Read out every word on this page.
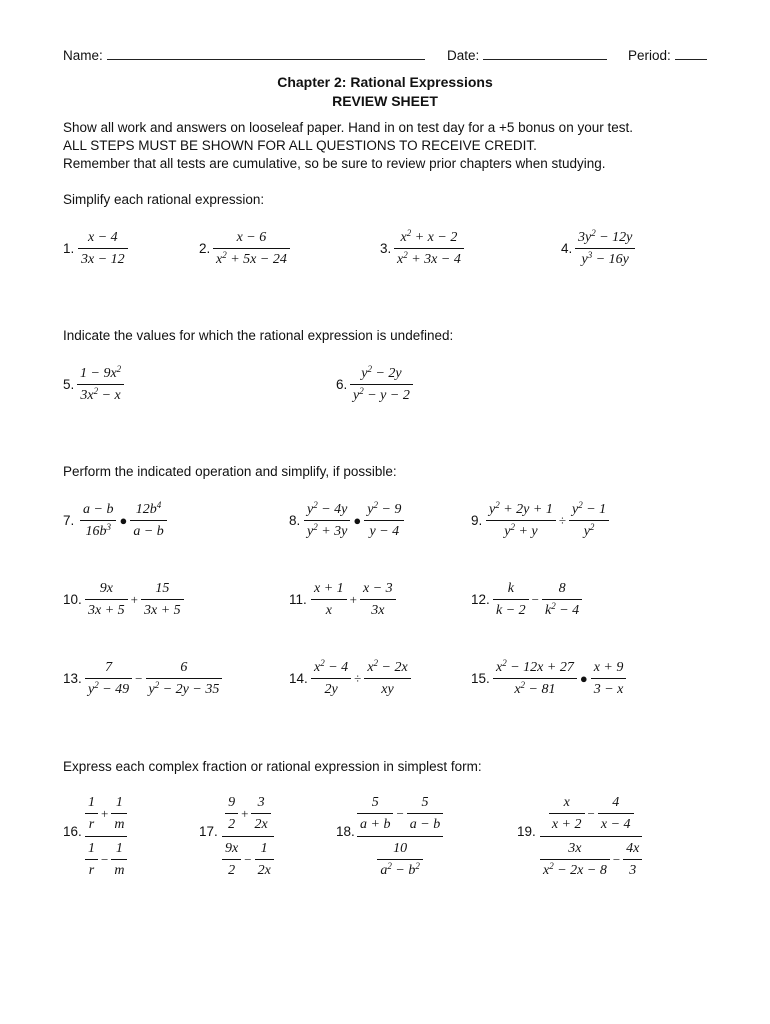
Name:	Date:	Period:
Chapter 2: Rational Expressions
REVIEW SHEET
Show all work and answers on looseleaf paper. Hand in on test day for a +5 bonus on your test.
ALL STEPS MUST BE SHOWN FOR ALL QUESTIONS TO RECEIVE CREDIT.
Remember that all tests are cumulative, so be sure to review prior chapters when studying.
Simplify each rational expression:
1.
x − 4
3x − 12
2.
x − 6
$x^2 + 5x - 24$
3.
$x^2 + x - 2$
$x^2 + 3x - 4$
4.
$3y^2 - 12y$
$y^3 - 16y$
Indicate the values for which the rational expression is undefined:
5.
$1 - 9x^2$
$3x^2 - x$
6.
$y^2 - 2y$
$y^2 - y - 2$
Perform the indicated operation and simplify, if possible:
7. $\frac{a - b}{16b^3}$ ● $\frac{12b^4}{a - b}$	8. $\frac{y^2 - 4y}{y^2 + 3y}$ ● $\frac{y^2 - 9}{y - 4}$	9. $\frac{y^2 + 2y + 1}{y^2 + y} \div \frac{y^2 - 1}{y^2}$
10. $\frac{9x}{3x + 5} + \frac{15}{3x + 5}$	11. $\frac{x + 1}{x} + \frac{x - 3}{3x}$	12. $\frac{k}{k - 2} - \frac{8}{k^2 - 4}$
13. $\frac{7}{y^2 - 49} - \frac{6}{y^2 - 2y - 35}$	14. $\frac{x^2 - 4}{2y} \div \frac{x^2 - 2x}{xy}$	15. $\frac{x^2 - 12x + 27}{x^2 - 81}$ ● $\frac{x + 9}{3 - x}$
Express each complex fraction or rational expression in simplest form:
16. $\frac{1}{r} + \frac{1}{m}$
$\frac{1}{r} - \frac{1}{m}$
17. $\frac{9}{2} + \frac{3}{2x}$
$\frac{9x}{2} - \frac{1}{2x}$
18. $\frac{5}{a + b} - \frac{5}{a - b}$
$\frac{10}{a^2 - b^2}$
19. $\frac{x}{x + 2} - \frac{4}{x - 4}$
$\frac{3x}{x^2 - 2x - 8} - \frac{4x}{3}$
